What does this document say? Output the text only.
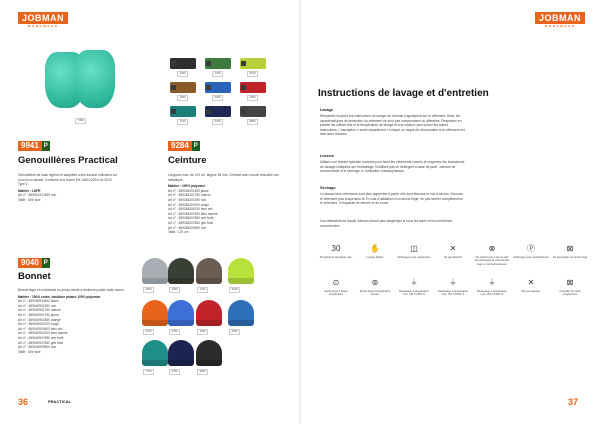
JOBMAN
WORKWEAR
7450
9941 P
Genouillères Practical
Genouillères de base légères et adaptées à des travaux ordinaires sur un sol non abrasif. Conforme à la norme EN 14404:2004+A1:2010 Type 2.
Matière : LDPE
Art n° : 659941917450 noir
Taille : One size
9284 P
Ceinture
Longueur max. de 120 cm, largeur 38 mm. Ceinture avec boucle amovible non métallique.
Matière : 100% polyester
Art n° : 659284301450 jaune
Art n° : 659284301750 marron
Art n° : 659284301900 noir
Art n° : 659284304700 rouge
Art n° : 659284306700 bleu ciel
Art n° : 659284307490 bleu marine
Art n° : 659284307690 vert forêt
Art n° : 659284307850 gris froid
Art n° : 659284309900 noir
Taille : 120 cm
9040 P
Bonnet
Bonnet léger et confortable en jersey tricoté à doublure polaire toute douce.
Matière : 100% coton, doublure polaire 100% polyester
Art n° : 659040904450 blanc
Art n° : 659040901450 noir
Art n° : 659040901750 marron
Art n° : 659040901790 jaune
Art n° : 659040902450 orange
Art n° : 659040904700 rouge
Art n° : 659040904400 bleu ciel
Art n° : 659040904700 bleu marine
Art n° : 659040907690 vert forêt
Art n° : 659040907850 gris froid
Art n° : 659040909900 noir
Taille : One size
36	PRACTICAL
JOBMAN
WORKWEAR
Instructions de lavage et d'entretien
Lavage
Respectez toujours les instructions de lavage de Jobman s'appliquent sur le vêtement. Ainsi, les caractéristiques de protection du vêtement ne sont pas compromises ou affectées. Respectez en priorité les utilisés tels et la température de lavage et à la couleur, puis suivez les autres instructions. L'inscription « avant séparément » indique un risque de décoloration si le vêtement est lavé avec d'autres.
Lessive
Utilisez une lessive spéciale couleurs pour laver les vêtements colorés et respectez les instructions de dosage indiquées sur l'emballage. N'utilisez pas de détergent à base de javel. Jobman ne recommande ni le séchage, ni l'utilisation d'assouplissant.
Séchage
Le placard des vêtements sont plus appréciés à porter s'ils sont étendus et mis à sécher. Secouez le vêtement puis suspendez-le. En cas d'utilisation d'un sèche-linge, ne pas sécher complètement le vêtement. Il risquerait de rétrécir et de s'user.
Vos vêtements de travail Jobman durent plus longtemps si vous les lavez et les entretenez correctement.
37
1400	1700	3199
1900	6000	4300
7700	6700	8900
2600	1400	1700	3199
3700	6700	4300	6000
7700	6700	9900
30
Température de lavage max.
✋
Lavage délicat
◫
Nettoyage à sec uniquement
✕
Ne pas blanchir
⊗
Ne séchez pas à sec à partir de nettoyage par voie humide avec un séchoir/nettoyeur
Ⓟ
Nettoyage à sec professionnel
⊠
Ne pas passer au sèche-linge
⊙
Sèche-linge à basse température
⊚
Sèche-linge à température élevée
⏚
Repassage à température max. 110 °C/230 °F
⏚
Repassage à température max. 150 °C/302 °F
⏚
Repassage à température max. 200 °C/392 °F
✕
Ne pas repasser
⊠
Consulter les tests programmes
